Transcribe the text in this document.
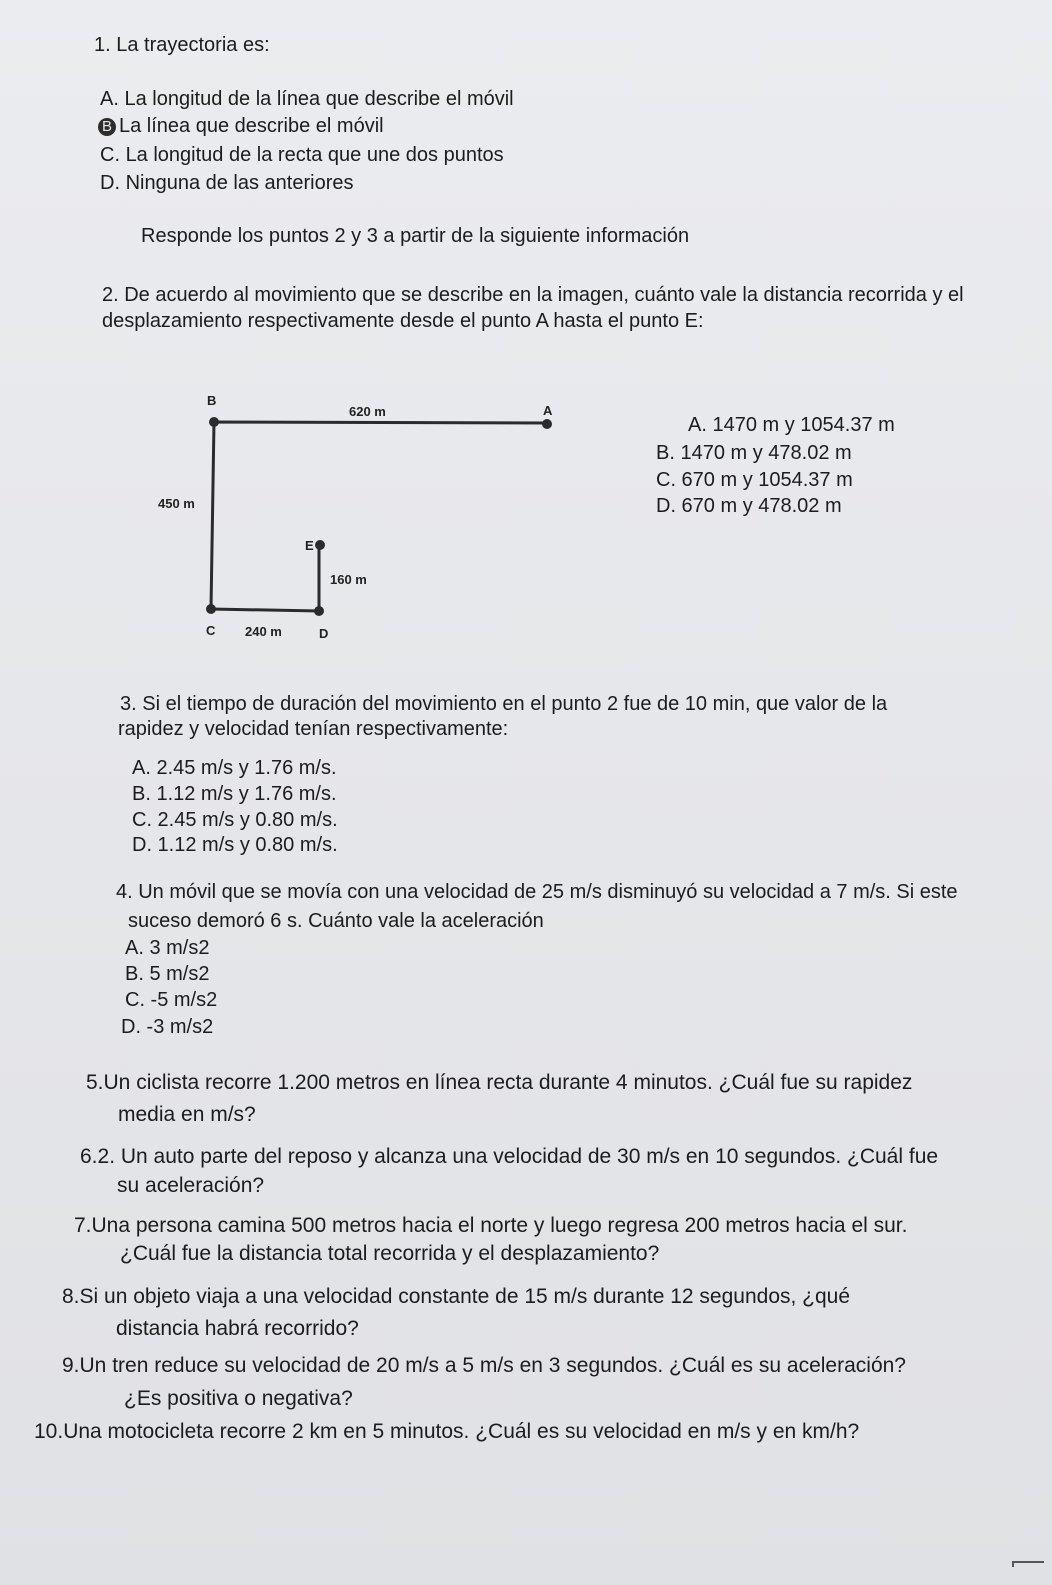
1. La trayectoria es:
A. La longitud de la línea que describe el móvil
B La línea que describe el móvil
C. La longitud de la recta que une dos puntos
D. Ninguna de las anteriores
Responde los puntos 2 y 3 a partir de la siguiente información
2. De acuerdo al movimiento que se describe en la imagen, cuánto vale la distancia recorrida y el
desplazamiento respectivamente desde el punto A hasta el punto E:
B
620 m	A
450 m
E
160 m
C 240 m	D
A. 1470 m y 1054.37 m
B. 1470 m y 478.02 m
C. 670 m y 1054.37 m
D. 670 m y 478.02 m
3. Si el tiempo de duración del movimiento en el punto 2 fue de 10 min, que valor de la
rapidez y velocidad tenían respectivamente:
A. 2.45 m/s y 1.76 m/s.
B. 1.12 m/s y 1.76 m/s.
C. 2.45 m/s y 0.80 m/s.
D. 1.12 m/s y 0.80 m/s.
4. Un móvil que se movía con una velocidad de 25 m/s disminuyó su velocidad a 7 m/s. Si este
suceso demoró 6 s. Cuánto vale la aceleración
A. 3 m/s2
B. 5 m/s2
C. -5 m/s2
D. -3 m/s2
5.Un ciclista recorre 1.200 metros en línea recta durante 4 minutos. ¿Cuál fue su rapidez
media en m/s?
6.2. Un auto parte del reposo y alcanza una velocidad de 30 m/s en 10 segundos. ¿Cuál fue
su aceleración?
7.Una persona camina 500 metros hacia el norte y luego regresa 200 metros hacia el sur.
¿Cuál fue la distancia total recorrida y el desplazamiento?
8.Si un objeto viaja a una velocidad constante de 15 m/s durante 12 segundos, ¿qué
distancia habrá recorrido?
9.Un tren reduce su velocidad de 20 m/s a 5 m/s en 3 segundos. ¿Cuál es su aceleración?
¿Es positiva o negativa?
10.Una motocicleta recorre 2 km en 5 minutos. ¿Cuál es su velocidad en m/s y en km/h?
